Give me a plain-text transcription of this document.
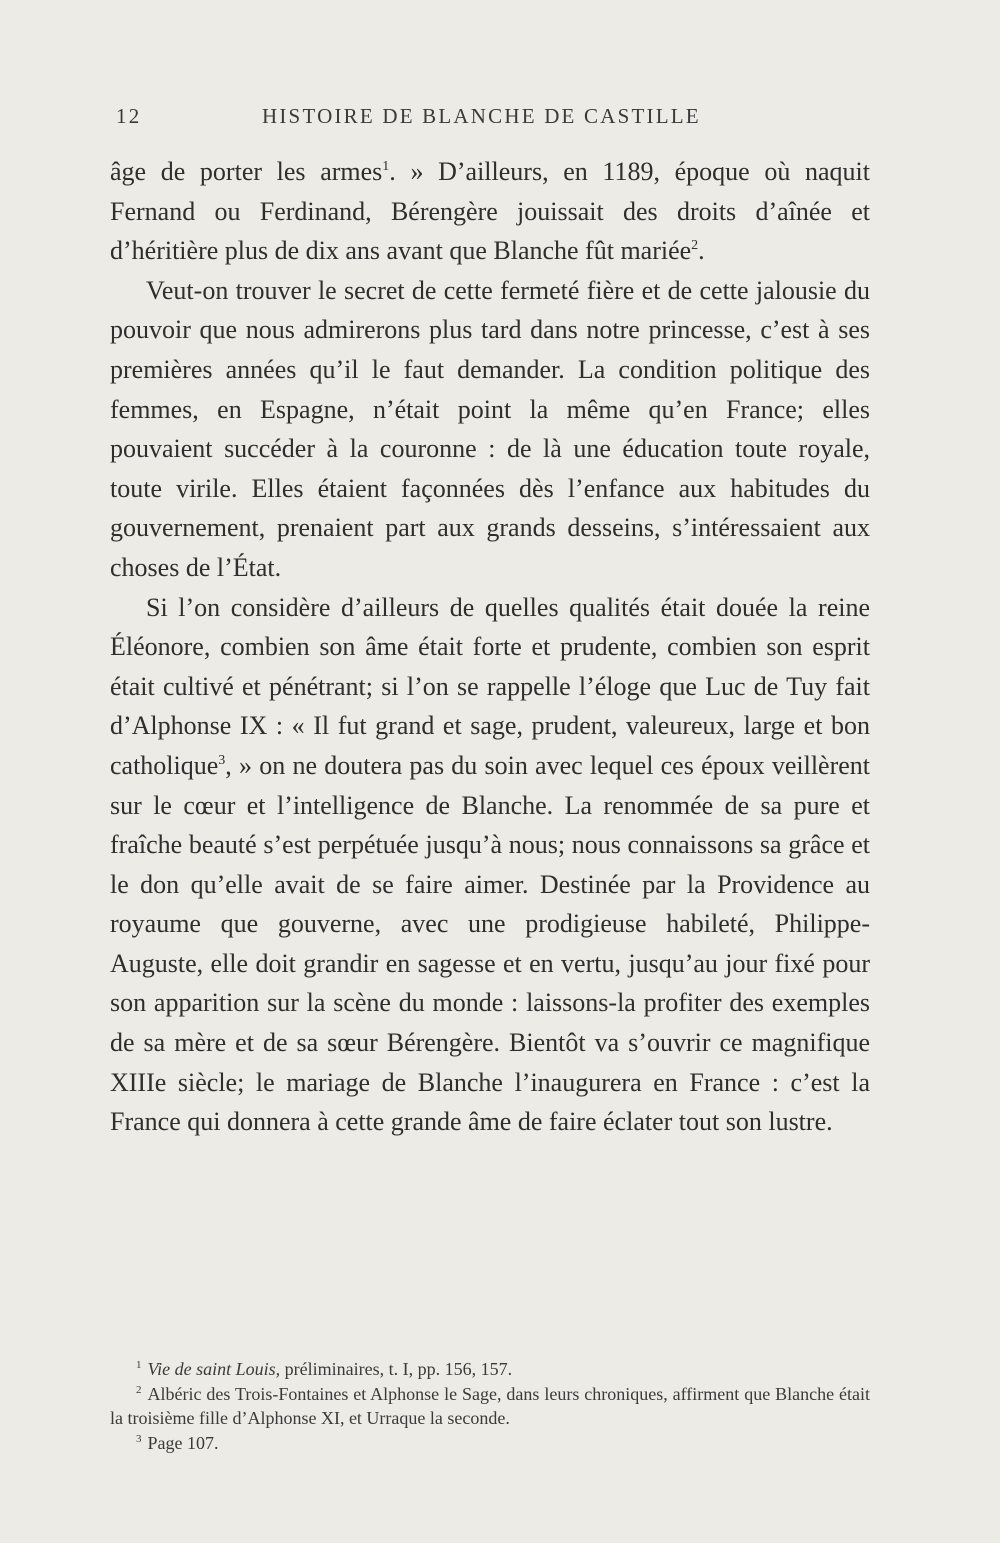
12	HISTOIRE DE BLANCHE DE CASTILLE

âge de porter les armes$^1$. » D’ailleurs, en 1189, époque où naquit Fernand ou Ferdinand, Bérengère jouissait des droits d’aînée et d’héritière plus de dix ans avant que Blanche fût mariée$^2$.

Veut-on trouver le secret de cette fermeté fière et de cette jalousie du pouvoir que nous admirerons plus tard dans notre princesse, c’est à ses premières années qu’il le faut demander. La condition politique des femmes, en Espagne, n’était point la même qu’en France; elles pouvaient succéder à la couronne : de là une éducation toute royale, toute virile. Elles étaient façonnées dès l’enfance aux habitudes du gouvernement, prenaient part aux grands desseins, s’intéressaient aux choses de l’État.

Si l’on considère d’ailleurs de quelles qualités était douée la reine Éléonore, combien son âme était forte et prudente, combien son esprit était cultivé et pénétrant; si l’on se rappelle l’éloge que Luc de Tuy fait d’Alphonse IX : « Il fut grand et sage, prudent, valeureux, large et bon catholique$^3$, » on ne doutera pas du soin avec lequel ces époux veillèrent sur le cœur et l’intelligence de Blanche. La renommée de sa pure et fraîche beauté s’est perpétuée jusqu’à nous; nous connaissons sa grâce et le don qu’elle avait de se faire aimer. Destinée par la Providence au royaume que gouverne, avec une prodigieuse habileté, Philippe-Auguste, elle doit grandir en sagesse et en vertu, jusqu’au jour fixé pour son apparition sur la scène du monde : laissons-la profiter des exemples de sa mère et de sa sœur Bérengère. Bientôt va s’ouvrir ce magnifique XIIIe siècle; le mariage de Blanche l’inaugurera en France : c’est la France qui donnera à cette grande âme de faire éclater tout son lustre.

$^1$ Vie de saint Louis, préliminaires, t. I, pp. 156, 157.

$^2$ Albéric des Trois-Fontaines et Alphonse le Sage, dans leurs chroniques, affirment que Blanche était la troisième fille d’Alphonse XI, et Urraque la seconde.

$^3$ Page 107.
